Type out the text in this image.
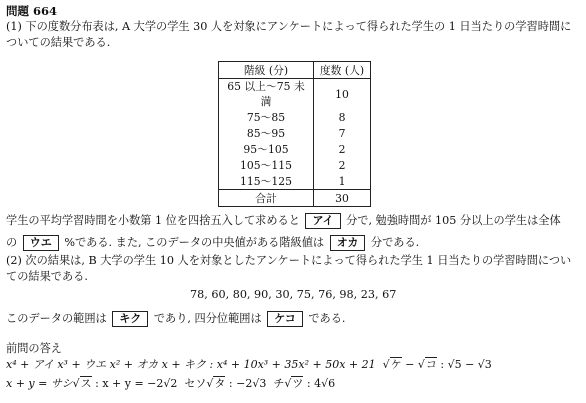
問題 664
(1) 下の度数分布表は, A 大学の学生 30 人を対象にアンケートによって得られた学生の 1 日当たりの学習時間に
ついての結果である.
階級 (分)	度数 (人)
65 以上〜75 未満	10
75〜85	8
85〜95	7
95〜105	2
105〜115	2
115〜125	1
合計	30
学生の平均学習時間を小数第 1 位を四捨五入して求めると アイ 分で, 勉強時間が 105 分以上の学生は全体
の ウエ %である. また, このデータの中央値がある階級値は オカ 分である.
(2) 次の結果は, B 大学の学生 10 人を対象としたアンケートによって得られた学生 1 日当たりの学習時間につい
ての結果である.
78, 60, 80, 90, 30, 75, 76, 98, 23, 67
このデータの範囲は キク であり, 四分位範囲は ケコ である.
前問の答え
x⁴ + アイ x³ + ウエ x² + オカ x + キク : x⁴ + 10x³ + 35x² + 50x + 21  √ケ − √コ : √5 − √3
x + y = サシ√ス : x + y = −2√2 セソ√タ : −2√3 チ√ツ : 4√6
